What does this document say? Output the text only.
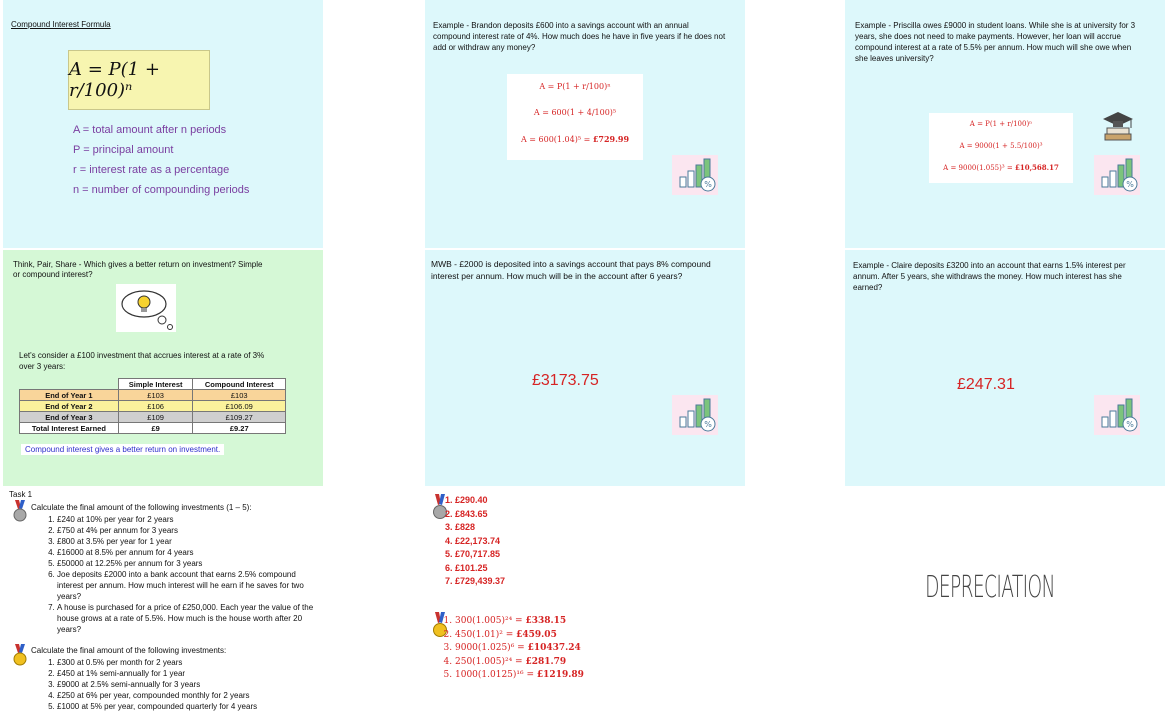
Compound Interest Formula
A = P(1 + r/100)ⁿ
A = total amount after n periods
P = principal amount
r = interest rate as a percentage
n = number of compounding periods
Think, Pair, Share - Which gives a better return on investment? Simple or compound interest?
Let's consider a £100 investment that accrues interest at a rate of 3% over 3 years:
	Simple Interest	Compound Interest
End of Year 1	£103	£103
End of Year 2	£106	£106.09
End of Year 3	£109	£109.27
Total Interest Earned	£9	£9.27
Compound interest gives a better return on investment.
Task 1
Calculate the final amount of the following investments (1 – 5):
1. £240 at 10% per year for 2 years
2. £750 at 4% per annum for 3 years
3. £800 at 3.5% per year for 1 year
4. £16000 at 8.5% per annum for 4 years
5. £50000 at 12.25% per annum for 3 years
6. Joe deposits £2000 into a bank account that earns 2.5% compound interest per annum. How much interest will he earn if he saves for two years?
7. A house is purchased for a price of £250,000. Each year the value of the house grows at a rate of 5.5%. How much is the house worth after 20 years?
Calculate the final amount of the following investments:
1. £300 at 0.5% per month for 2 years
2. £450 at 1% semi-annually for 1 year
3. £9000 at 2.5% semi-annually for 3 years
4. £250 at 6% per year, compounded monthly for 2 years
5. £1000 at 5% per year, compounded quarterly for 4 years
Example - Brandon deposits £600 into a savings account with an annual compound interest rate of 4%. How much does he have in five years if he does not add or withdraw any money?
A = P(1 + r/100)ⁿ
A = 600(1 + 4/100)⁵
A = 600(1.04)⁵ = £729.99
%
MWB - £2000 is deposited into a savings account that pays 8% compound interest per annum. How much will be in the account after 6 years?
£3173.75
%
1. £290.40
2. £843.65
3. £828
4. £22,173.74
5. £70,717.85
6. £101.25
7. £729,439.37
1. 300(1.005)²⁴ = £338.15
2. 450(1.01)² = £459.05
3. 9000(1.025)⁶ = £10437.24
4. 250(1.005)²⁴ = £281.79
5. 1000(1.0125)¹⁶ = £1219.89
Example - Priscilla owes £9000 in student loans. While she is at university for 3 years, she does not need to make payments. However, her loan will accrue compound interest at a rate of 5.5% per annum. How much will she owe when she leaves university?
A = P(1 + r/100)ⁿ
A = 9000(1 + 5.5/100)³
A = 9000(1.055)³ = £10,568.17
%
Example - Claire deposits £3200 into an account that earns 1.5% interest per annum. After 5 years, she withdraws the money. How much interest has she earned?
£247.31
%
DEPRECIATION
